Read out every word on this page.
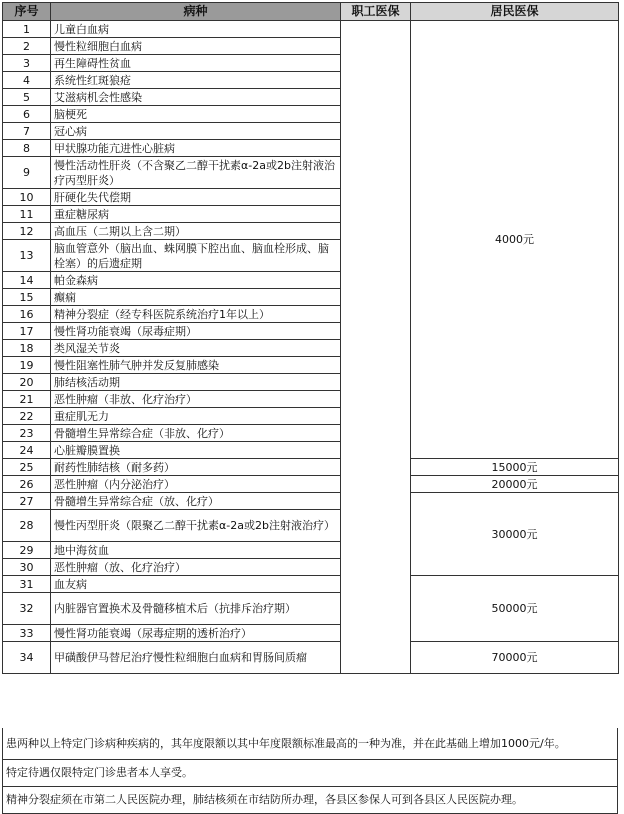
序号	病种	职工医保	居民医保
1	儿童白血病		4000元
2	慢性粒细胞白血病		
3	再生障碍性贫血		
4	系统性红斑狼疮		
5	艾滋病机会性感染		
6	脑梗死		
7	冠心病		
8	甲状腺功能亢进性心脏病		
9	慢性活动性肝炎（不含聚乙二醇干扰素α-2a或2b注射液治疗丙型肝炎）		
10	肝硬化失代偿期		
11	重症糖尿病		
12	高血压（二期以上含二期）		
13	脑血管意外（脑出血、蛛网膜下腔出血、脑血栓形成、脑栓塞）的后遗症期		
14	帕金森病		
15	癫痫		
16	精神分裂症（经专科医院系统治疗1年以上）		
17	慢性肾功能衰竭（尿毒症期）		
18	类风湿关节炎		
19	慢性阻塞性肺气肿并发反复肺感染		
20	肺结核活动期		
21	恶性肿瘤（非放、化疗治疗）		
22	重症肌无力		
23	骨髓增生异常综合症（非放、化疗）		
24	心脏瓣膜置换		
25	耐药性肺结核（耐多药）		15000元
26	恶性肿瘤（内分泌治疗）		20000元
27	骨髓增生异常综合症（放、化疗）		30000元
28	慢性丙型肝炎（限聚乙二醇干扰素α-2a或2b注射液治疗）		
29	地中海贫血		
30	恶性肿瘤（放、化疗治疗）		
31	血友病		50000元
32	内脏器官置换术及骨髓移植术后（抗排斥治疗期）		
33	慢性肾功能衰竭（尿毒症期的透析治疗）		
34	甲磺酸伊马替尼治疗慢性粒细胞白血病和胃肠间质瘤		70000元
患两种以上特定门诊病种疾病的，其年度限额以其中年度限额标准最高的一种为准，并在此基础上增加1000元/年。
特定待遇仅限特定门诊患者本人享受。
精神分裂症须在市第二人民医院办理，肺结核须在市结防所办理，各县区参保人可到各县区人民医院办理。
